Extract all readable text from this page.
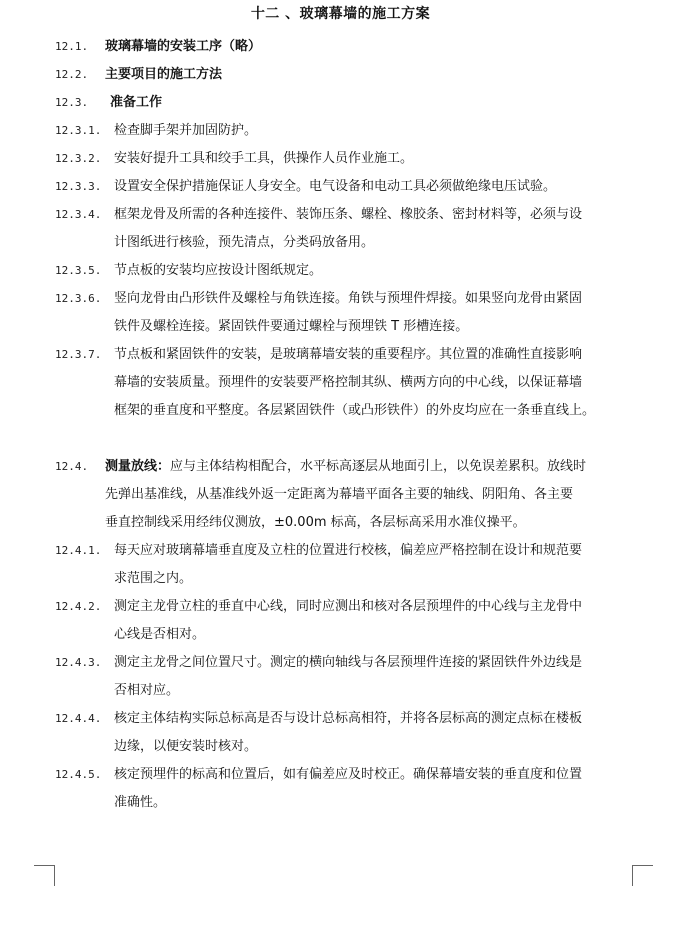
十二 、玻璃幕墙的施工方案
12.1. 玻璃幕墙的安装工序（略）
12.2. 主要项目的施工方法
12.3. 准备工作
12.3.1. 检查脚手架并加固防护。
12.3.2. 安装好提升工具和绞手工具，供操作人员作业施工。
12.3.3. 设置安全保护措施保证人身安全。电气设备和电动工具必须做绝缘电压试验。
12.3.4. 框架龙骨及所需的各种连接件、装饰压条、螺栓、橡胶条、密封材料等，必须与设
计图纸进行核验，预先清点，分类码放备用。
12.3.5. 节点板的安装均应按设计图纸规定。
12.3.6. 竖向龙骨由凸形铁件及螺栓与角铁连接。角铁与预埋件焊接。如果竖向龙骨由紧固
铁件及螺栓连接。紧固铁件要通过螺栓与预埋铁 T 形槽连接。
12.3.7. 节点板和紧固铁件的安装，是玻璃幕墙安装的重要程序。其位置的准确性直接影响
幕墙的安装质量。预埋件的安装要严格控制其纵、横两方向的中心线，以保证幕墙
框架的垂直度和平整度。各层紧固铁件（或凸形铁件）的外皮均应在一条垂直线上。
12.4. 测量放线：应与主体结构相配合，水平标高逐层从地面引上，以免误差累积。放线时
先弹出基准线，从基准线外返一定距离为幕墙平面各主要的轴线、阴阳角、各主要
垂直控制线采用经纬仪测放，±0.00m 标高，各层标高采用水准仪操平。
12.4.1. 每天应对玻璃幕墙垂直度及立柱的位置进行校核，偏差应严格控制在设计和规范要
求范围之内。
12.4.2. 测定主龙骨立柱的垂直中心线，同时应测出和核对各层预埋件的中心线与主龙骨中
心线是否相对。
12.4.3. 测定主龙骨之间位置尺寸。测定的横向轴线与各层预埋件连接的紧固铁件外边线是
否相对应。
12.4.4. 核定主体结构实际总标高是否与设计总标高相符，并将各层标高的测定点标在楼板
边缘，以便安装时核对。
12.4.5. 核定预埋件的标高和位置后，如有偏差应及时校正。确保幕墙安装的垂直度和位置
准确性。
